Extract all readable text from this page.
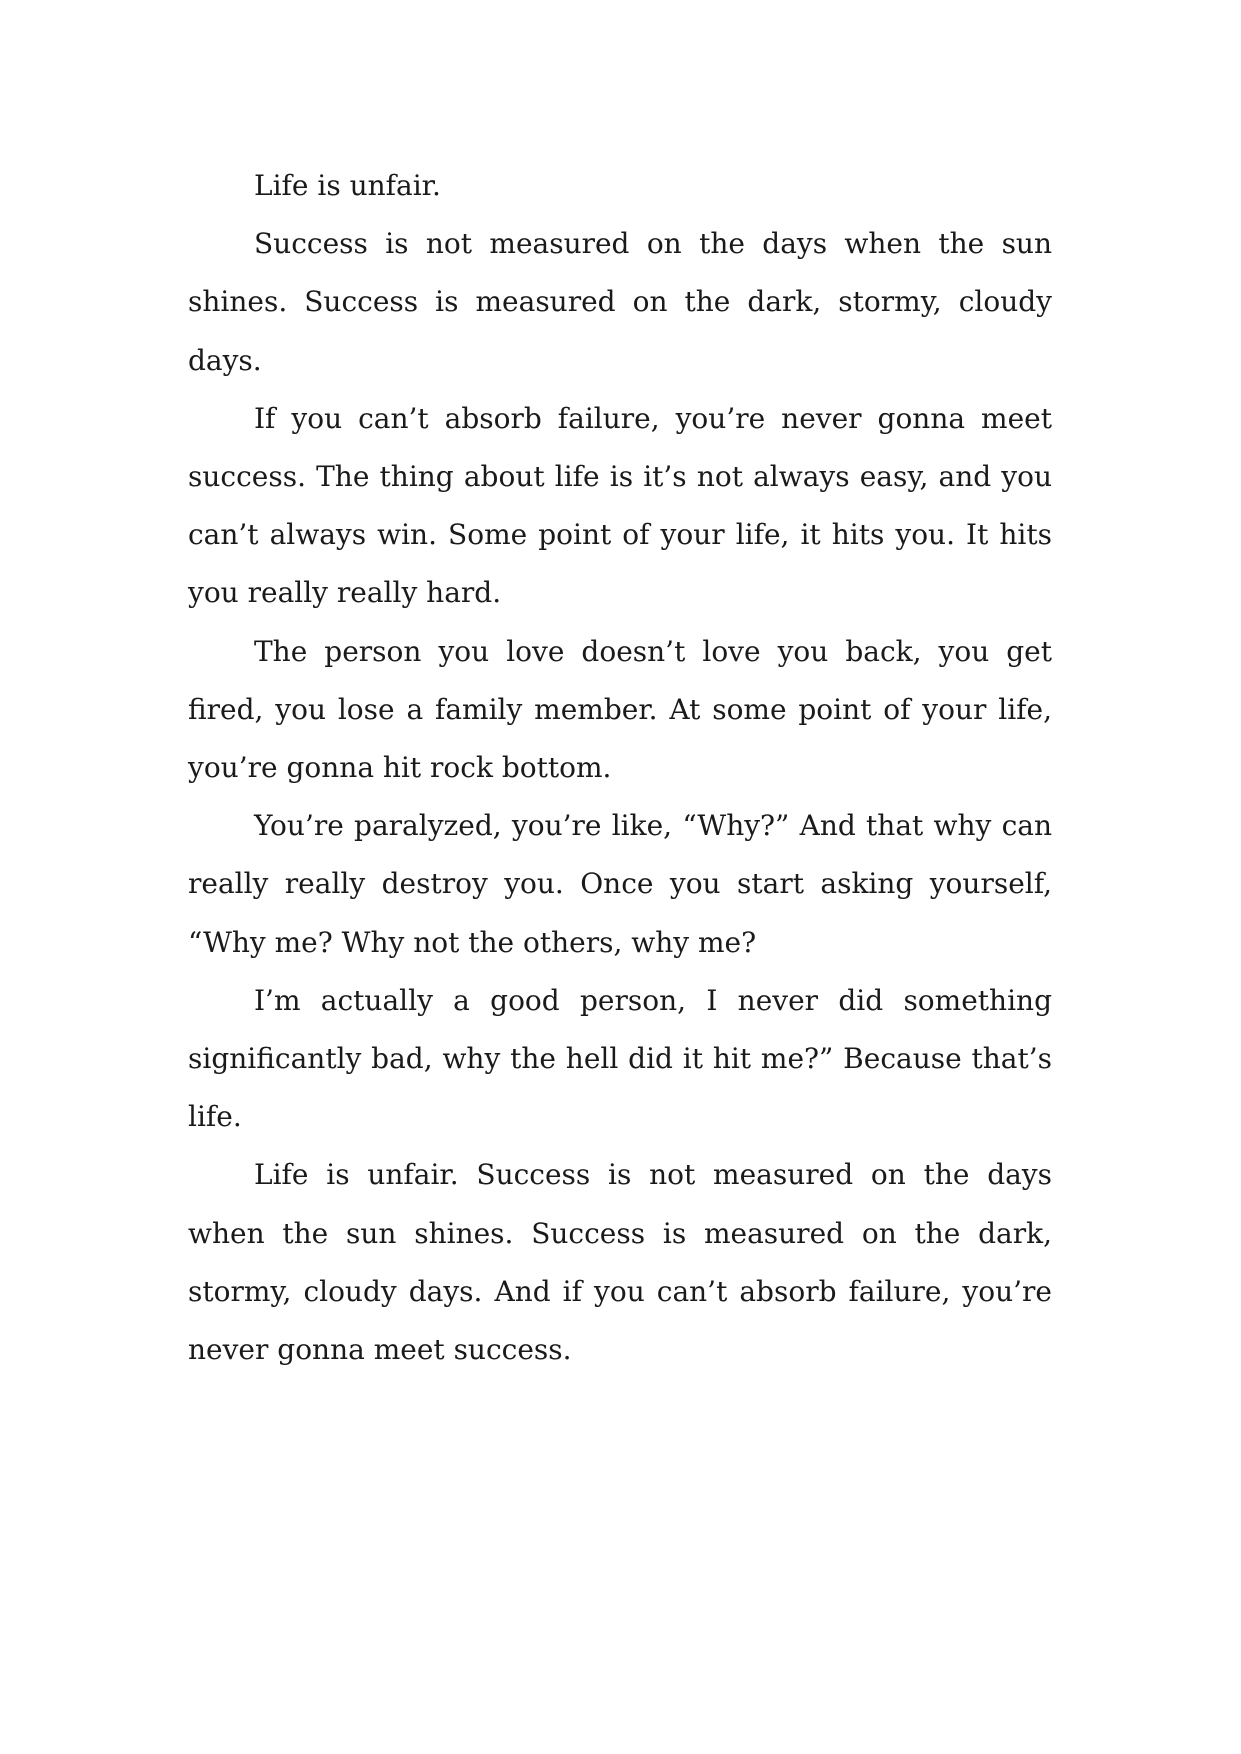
Life is unfair.

Success is not measured on the days when the sun shines. Success is measured on the dark, stormy, cloudy days.

If you can’t absorb failure, you’re never gonna meet success. The thing about life is it’s not always easy, and you can’t always win. Some point of your life, it hits you. It hits you really really hard.

The person you love doesn’t love you back, you get fired, you lose a family member. At some point of your life, you’re gonna hit rock bottom.

You’re paralyzed, you’re like, “Why?” And that why can really really destroy you. Once you start asking yourself, “Why me? Why not the others, why me?

I’m actually a good person, I never did something significantly bad, why the hell did it hit me?” Because that’s life.

Life is unfair. Success is not measured on the days when the sun shines. Success is measured on the dark, stormy, cloudy days. And if you can’t absorb failure, you’re never gonna meet success.
